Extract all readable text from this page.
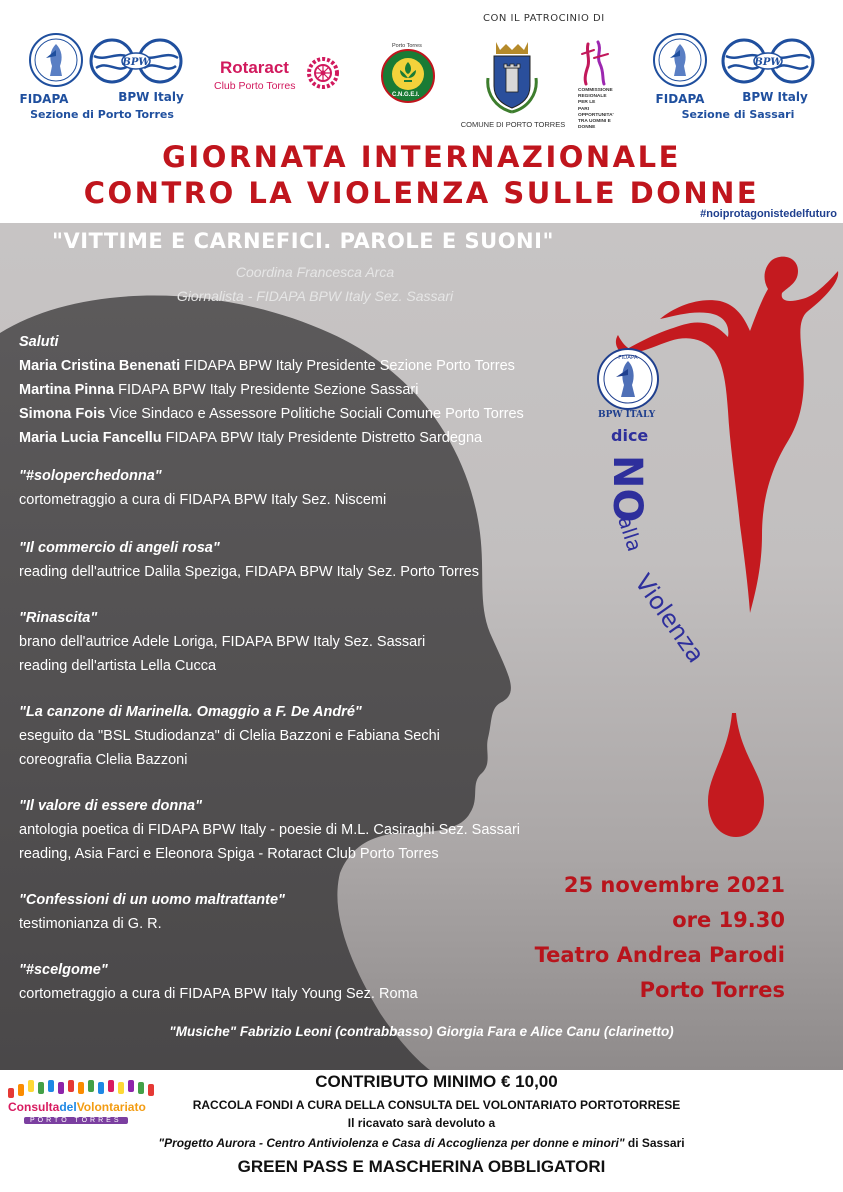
FIDAPA
BPW
BPW Italy
Sezione di Porto Torres
Rotaract
Club Porto Torres
Porto Torres
C.N.G.E.I.
CON IL PATROCINIO DI
COMUNE DI PORTO TORRES
COMMISSIONE
REGIONALE
PER LE
PARI OPPORTUNITA'
TRA UOMINI E
DONNE
FIDAPA
BPW
BPW Italy
Sezione di Sassari
GIORNATA INTERNAZIONALE
CONTRO LA VIOLENZA SULLE DONNE
FIDAPA
BPW ITALY
dice
NO
alla
Violenza
#noiprotagonistedelfuturo
"VITTIME E CARNEFICI. PAROLE E SUONI"
Coordina Francesca Arca
Giornalista - FIDAPA BPW Italy Sez. Sassari
Saluti
Maria Cristina Benenati FIDAPA BPW Italy Presidente Sezione Porto Torres
Martina Pinna FIDAPA BPW Italy Presidente Sezione Sassari
Simona Fois Vice Sindaco e Assessore Politiche Sociali Comune Porto Torres
Maria Lucia Fancellu FIDAPA BPW Italy Presidente Distretto Sardegna
"#soloperchedonna"
cortometraggio a cura di FIDAPA BPW Italy Sez. Niscemi
"Il commercio di angeli rosa"
reading dell'autrice Dalila Speziga, FIDAPA BPW Italy Sez. Porto Torres
"Rinascita"
brano dell'autrice Adele Loriga, FIDAPA BPW Italy Sez. Sassari
reading dell'artista Lella Cucca
"La canzone di Marinella. Omaggio a F. De André"
eseguito da "BSL Studiodanza" di Clelia Bazzoni e Fabiana Sechi
coreografia Clelia Bazzoni
"Il valore di essere donna"
antologia poetica di FIDAPA BPW Italy - poesie di M.L. Casiraghi Sez. Sassari
reading, Asia Farci e Eleonora Spiga - Rotaract Club Porto Torres
"Confessioni di un uomo maltrattante"
testimonianza di G. R.
"#scelgome"
cortometraggio a cura di FIDAPA BPW Italy Young Sez. Roma
25 novembre 2021
ore 19.30
Teatro Andrea Parodi
Porto Torres
"Musiche" Fabrizio Leoni (contrabbasso) Giorgia Fara e Alice Canu (clarinetto)
ConsultadelVolontariato
PORTO TORRES
CONTRIBUTO MINIMO € 10,00
RACCOLA FONDI A CURA DELLA CONSULTA DEL VOLONTARIATO PORTOTORRESE
Il ricavato sarà devoluto a
"Progetto Aurora - Centro Antiviolenza e Casa di Accoglienza per donne e minori" di Sassari
GREEN PASS E MASCHERINA OBBLIGATORI
